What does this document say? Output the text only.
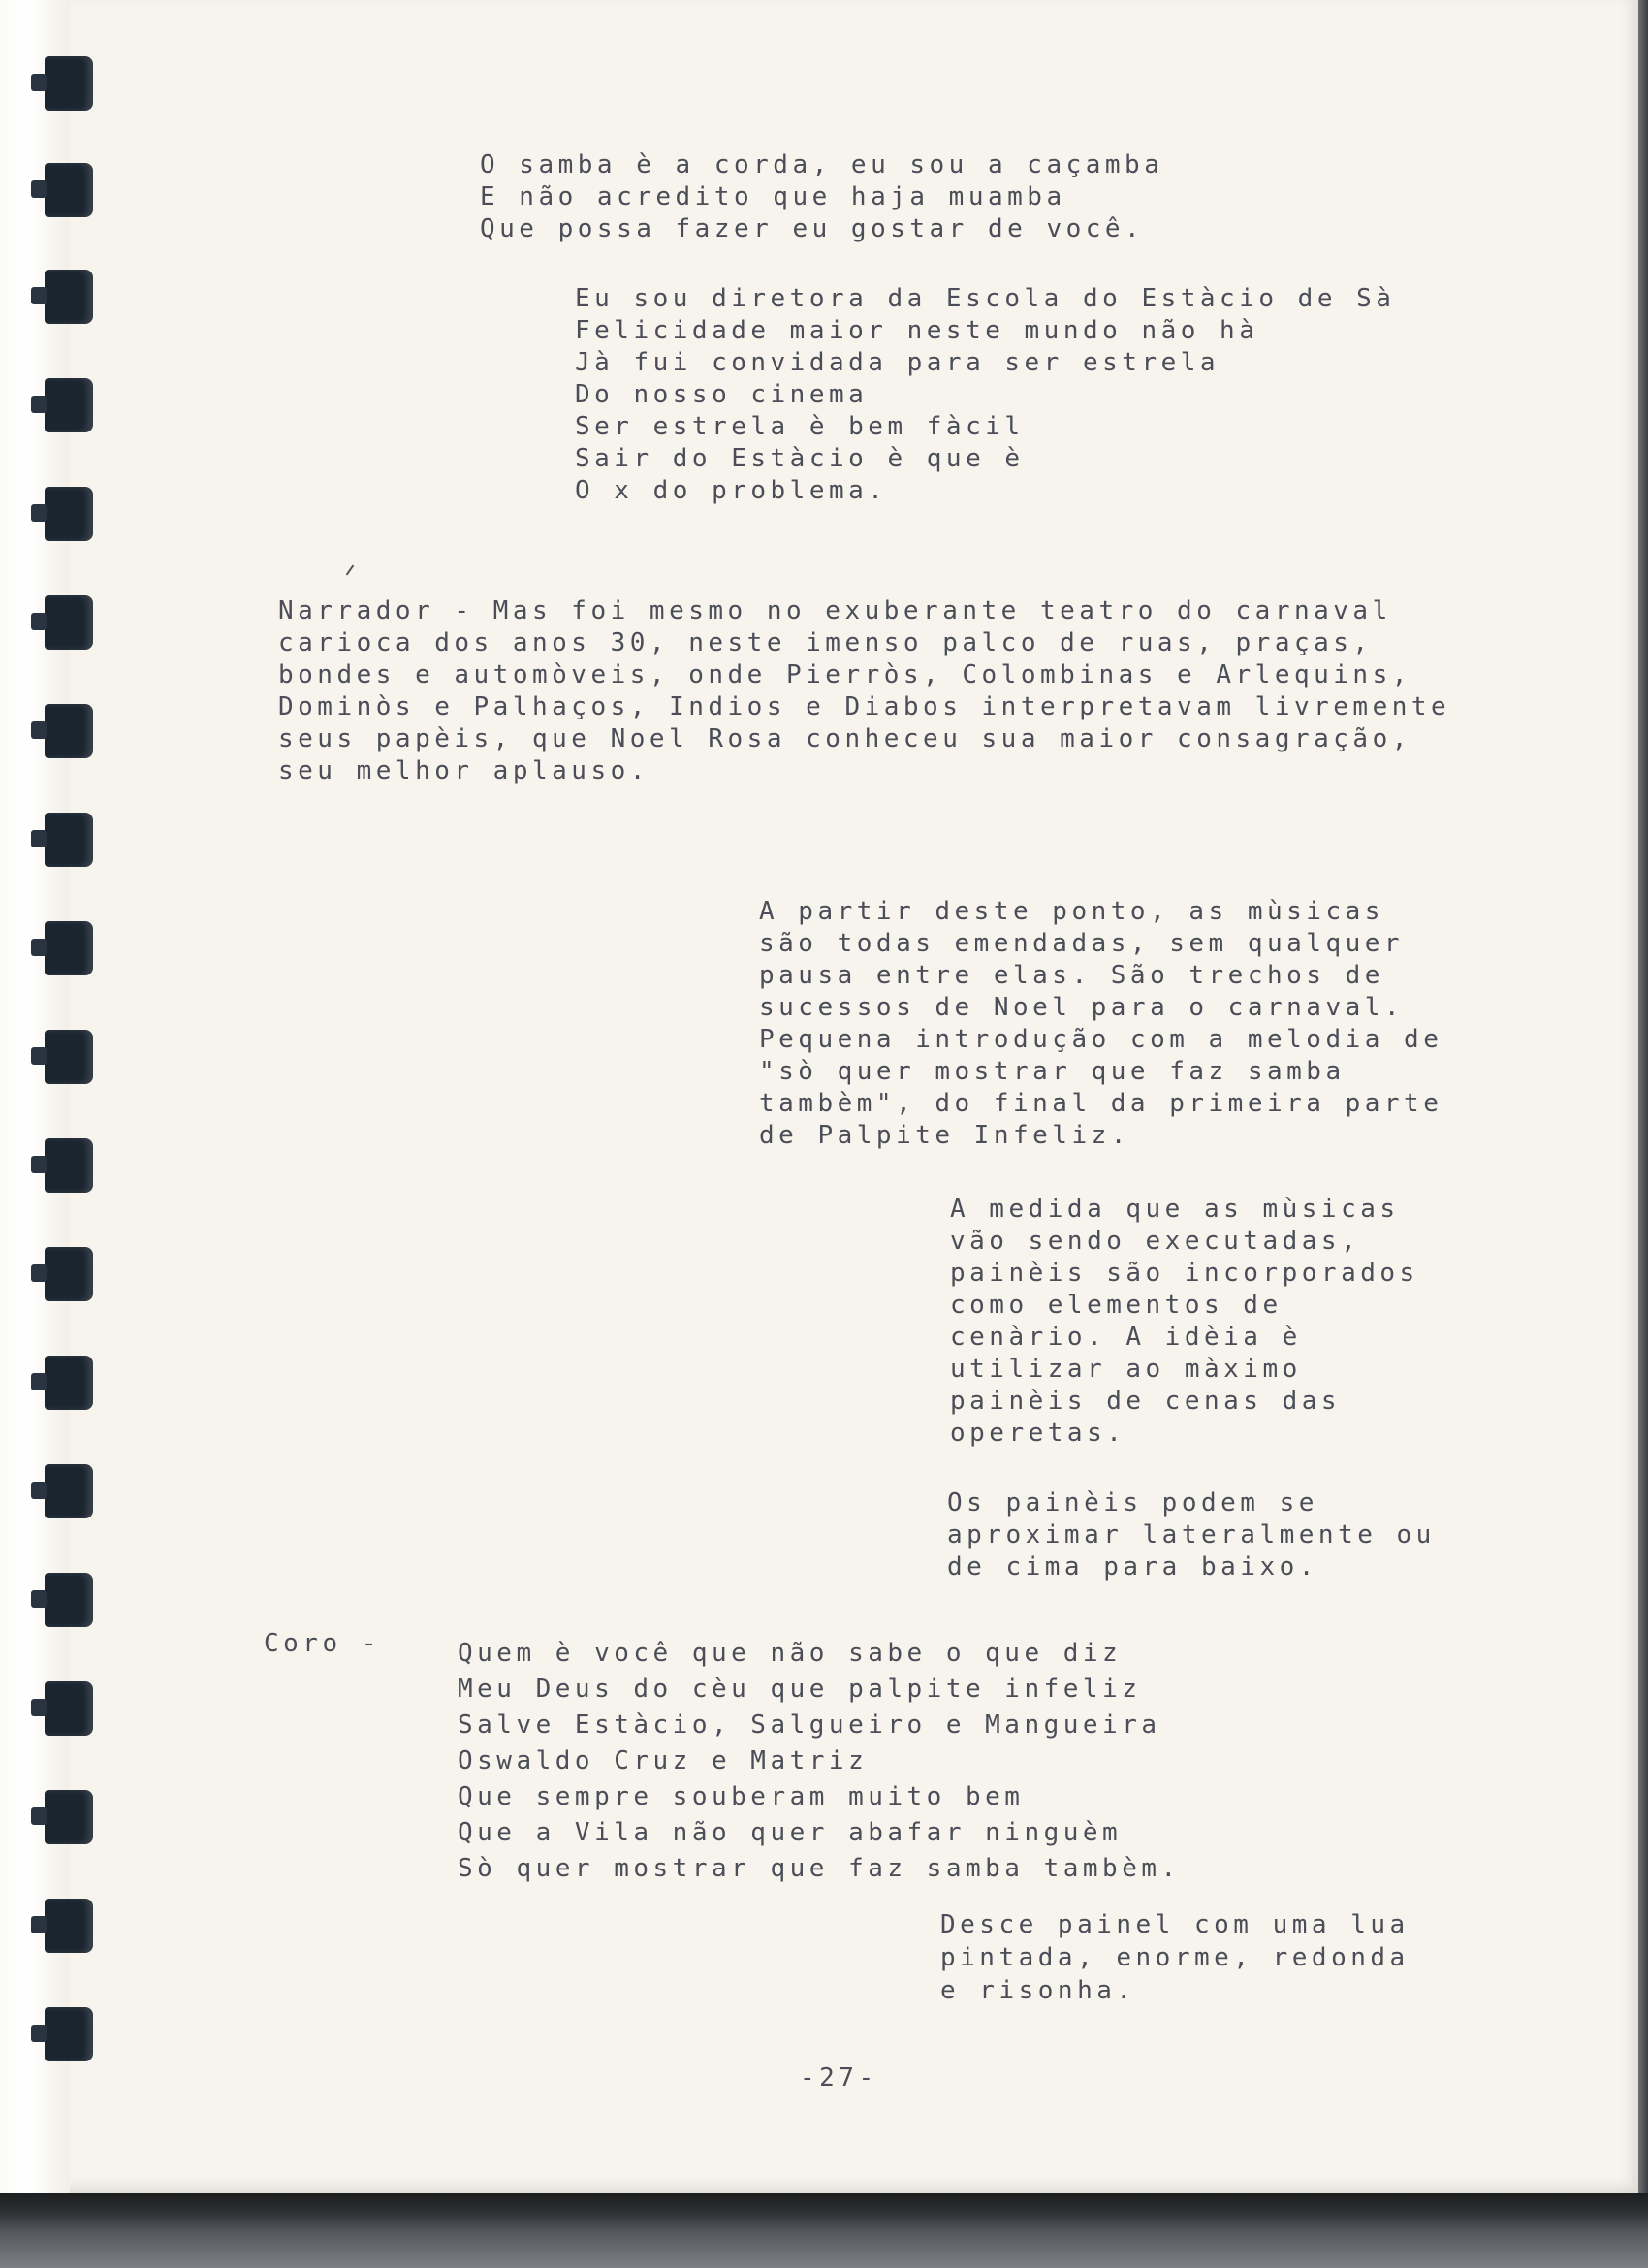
O samba è a corda, eu sou a caçamba
E não acredito que haja muamba
Que possa fazer eu gostar de você.
Eu sou diretora da Escola do Estàcio de Sà
Felicidade maior neste mundo não hà
Jà fui convidada para ser estrela
Do nosso cinema
Ser estrela è bem fàcil
Sair do Estàcio è que è
O x do problema.
Narrador - Mas foi mesmo no exuberante teatro do carnaval
carioca dos anos 30, neste imenso palco de ruas, praças,
bondes e automòveis, onde Pierròs, Colombinas e Arlequins,
Dominòs e Palhaços, Indios e Diabos interpretavam livremente
seus papèis, que Noel Rosa conheceu sua maior consagração,
seu melhor aplauso.
A partir deste ponto, as mùsicas
são todas emendadas, sem qualquer
pausa entre elas. São trechos de
sucessos de Noel para o carnaval.
Pequena introdução com a melodia de
"sò quer mostrar que faz samba
tambèm", do final da primeira parte
de Palpite Infeliz.
A medida que as mùsicas
vão sendo executadas,
painèis são incorporados
como elementos de
cenàrio. A idèia è
utilizar ao màximo
painèis de cenas das
operetas.
Os painèis podem se
aproximar lateralmente ou
de cima para baixo.
Coro -	Quem è você que não sabe o que diz
Meu Deus do cèu que palpite infeliz
Salve Estàcio, Salgueiro e Mangueira
Oswaldo Cruz e Matriz
Que sempre souberam muito bem
Que a Vila não quer abafar ninguèm
Sò quer mostrar que faz samba tambèm.
Desce painel com uma lua
pintada, enorme, redonda
e risonha.
-27-
